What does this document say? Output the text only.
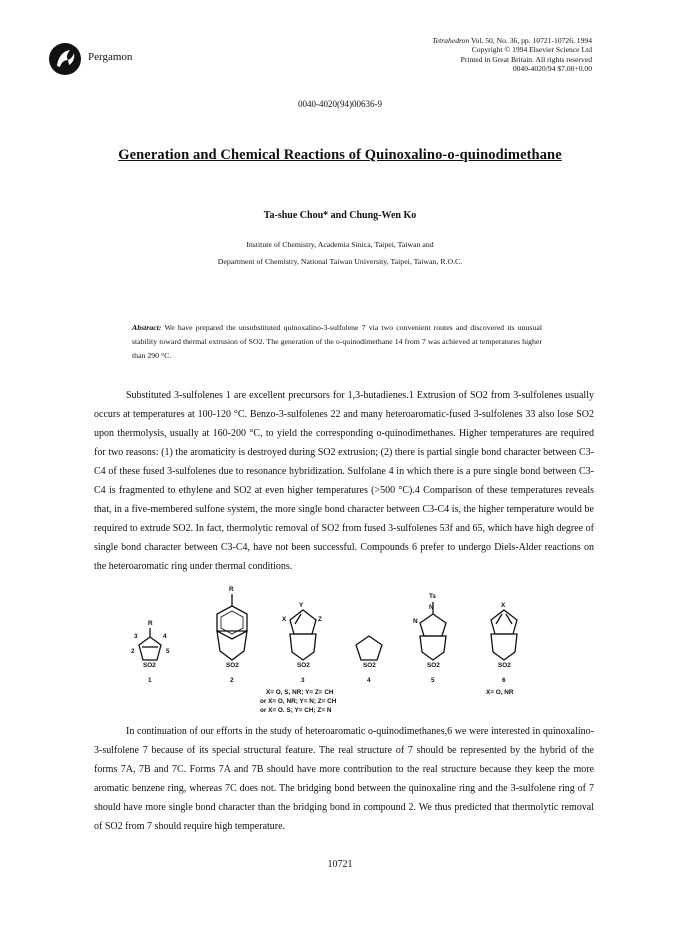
Pergamon
Tetrahedron Vol. 50, No. 36, pp. 10721-10726, 1994
Copyright © 1994 Elsevier Science Ltd
Printed in Great Britain. All rights reserved
0040-4020/94 $7.00+0.00
0040-4020(94)00636-9
Generation and Chemical Reactions of Quinoxalino-o-quinodimethane
Ta-shue Chou* and Chung-Wen Ko
Institute of Chemistry, Academia Sinica, Taipei, Taiwan and
Department of Chemistry, National Taiwan University, Taipei, Taiwan, R.O.C.
Abstract: We have prepared the unsubstituted quinoxalino-3-sulfolene 7 via two convenient routes and discovered its unusual stability toward thermal extrusion of SO2. The generation of the o-quinodimethane 14 from 7 was achieved at temperatures higher than 290 °C.

Substituted 3-sulfolenes 1 are excellent precursors for 1,3-butadienes.1 Extrusion of SO2 from 3-sulfolenes usually occurs at temperatures at 100-120 °C. Benzo-3-sulfolenes 22 and many heteroaromatic-fused 3-sulfolenes 33 also lose SO2 upon thermolysis, usually at 160-200 °C, to yield the corresponding o-quinodimethanes. Higher temperatures are required for two reasons: (1) the aromaticity is destroyed during SO2 extrusion; (2) there is partial single bond character between C3-C4 of these fused 3-sulfolenes due to resonance hybridization. Sulfolane 4 in which there is a pure single bond between C3-C4 is fragmented to ethylene and SO2 at even higher temperatures (>500 °C).4 Comparison of these temperatures reveals that, in a five-membered sulfone system, the more single bond character between C3-C4 is, the higher temperature would be required to extrude SO2. In fact, thermolytic removal of SO2 from fused 3-sulfolenes 53f and 65, which have high degree of single bond character between C3-C4, have not been successful. Compounds 6 prefer to undergo Diels-Alder reactions on the heteroaromatic ring under thermal conditions.

R
3	4
2	5
R
Y
X	Z
Ts
N
N
X
SO2	SO2	SO2	SO2	SO2	SO2
1	2	3	4	5	6
X= O, S, NR; Y= Z= CH
or X= O, NR; Y= N; Z= CH
or X= O. S; Y= CH; Z= N
X= O, NR

In continuation of our efforts in the study of heteroaromatic o-quinodimethanes,6 we were interested in quinoxalino-3-sulfolene 7 because of its special structural feature. The real structure of 7 should be represented by the hybrid of the forms 7A, 7B and 7C. Forms 7A and 7B should have more contribution to the real structure because they keep the more aromatic benzene ring, whereas 7C does not. The bridging bond between the quinoxaline ring and the 3-sulfolene ring of 7 should have more single bond character than the bridging bond in compound 2. We thus predicted that thermolytic removal of SO2 from 7 should require high temperature.

10721
